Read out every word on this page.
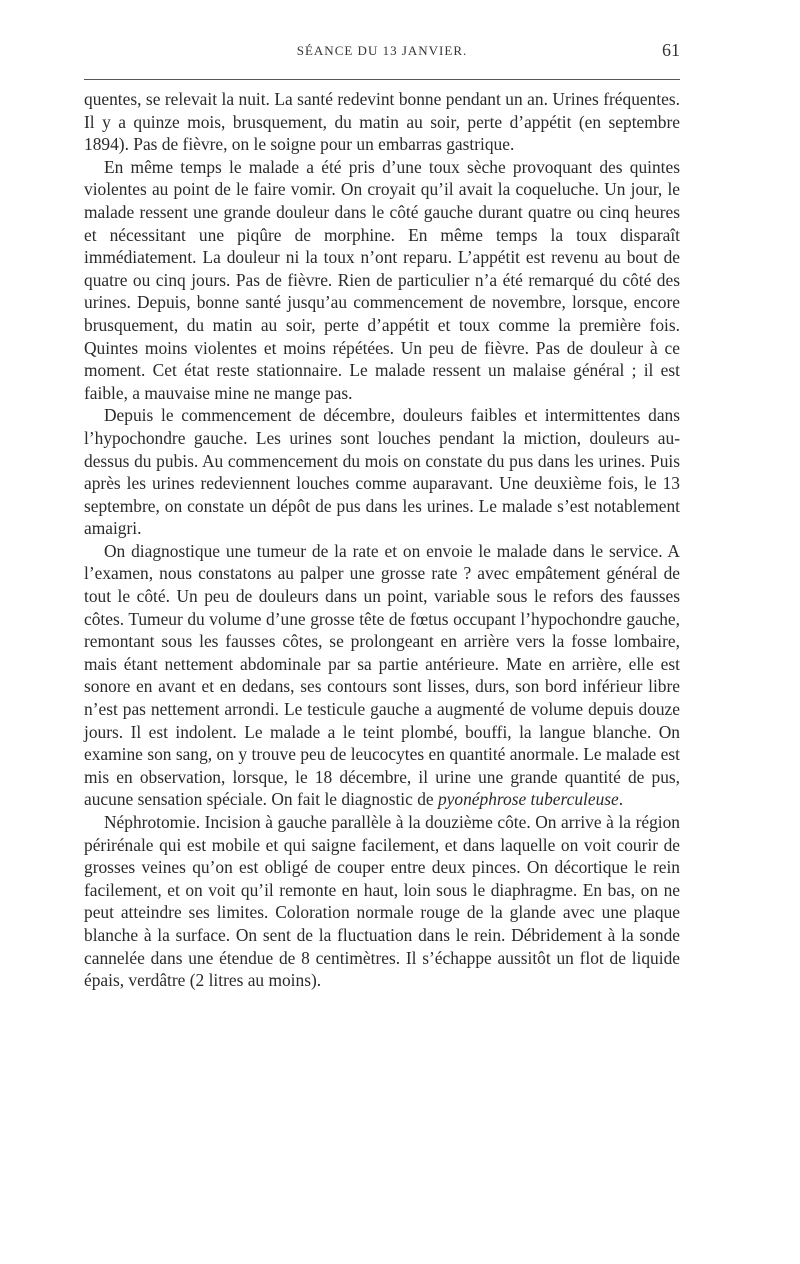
SÉANCE DU 13 JANVIER.	61

quentes, se relevait la nuit. La santé redevint bonne pendant un an. Urines fréquentes. Il y a quinze mois, brusquement, du matin au soir, perte d’appétit (en septembre 1894). Pas de fièvre, on le soigne pour un embarras gastrique.

En même temps le malade a été pris d’une toux sèche provoquant des quintes violentes au point de le faire vomir. On croyait qu’il avait la coqueluche. Un jour, le malade ressent une grande douleur dans le côté gauche durant quatre ou cinq heures et nécessitant une piqûre de morphine. En même temps la toux disparaît immédiatement. La douleur ni la toux n’ont reparu. L’appétit est revenu au bout de quatre ou cinq jours. Pas de fièvre. Rien de particulier n’a été remarqué du côté des urines. Depuis, bonne santé jusqu’au commencement de novembre, lorsque, encore brusquement, du matin au soir, perte d’appétit et toux comme la première fois. Quintes moins violentes et moins répétées. Un peu de fièvre. Pas de douleur à ce moment. Cet état reste stationnaire. Le malade ressent un malaise général ; il est faible, a mauvaise mine ne mange pas.

Depuis le commencement de décembre, douleurs faibles et intermittentes dans l’hypochondre gauche. Les urines sont louches pendant la miction, douleurs au-dessus du pubis. Au commencement du mois on constate du pus dans les urines. Puis après les urines redeviennent louches comme auparavant. Une deuxième fois, le 13 septembre, on constate un dépôt de pus dans les urines. Le malade s’est notablement amaigri.

On diagnostique une tumeur de la rate et on envoie le malade dans le service. A l’examen, nous constatons au palper une grosse rate ? avec empâtement général de tout le côté. Un peu de douleurs dans un point, variable sous le refors des fausses côtes. Tumeur du volume d’une grosse tête de fœtus occupant l’hypochondre gauche, remontant sous les fausses côtes, se prolongeant en arrière vers la fosse lombaire, mais étant nettement abdominale par sa partie antérieure. Mate en arrière, elle est sonore en avant et en dedans, ses contours sont lisses, durs, son bord inférieur libre n’est pas nettement arrondi. Le testicule gauche a augmenté de volume depuis douze jours. Il est indolent. Le malade a le teint plombé, bouffi, la langue blanche. On examine son sang, on y trouve peu de leucocytes en quantité anormale. Le malade est mis en observation, lorsque, le 18 décembre, il urine une grande quantité de pus, aucune sensation spéciale. On fait le diagnostic de pyonéphrose tuberculeuse.

Néphrotomie. Incision à gauche parallèle à la douzième côte. On arrive à la région périrénale qui est mobile et qui saigne facilement, et dans laquelle on voit courir de grosses veines qu’on est obligé de couper entre deux pinces. On décortique le rein facilement, et on voit qu’il remonte en haut, loin sous le diaphragme. En bas, on ne peut atteindre ses limites. Coloration normale rouge de la glande avec une plaque blanche à la surface. On sent de la fluctuation dans le rein. Débridement à la sonde cannelée dans une étendue de 8 centimètres. Il s’échappe aussitôt un flot de liquide épais, verdâtre (2 litres au moins).
